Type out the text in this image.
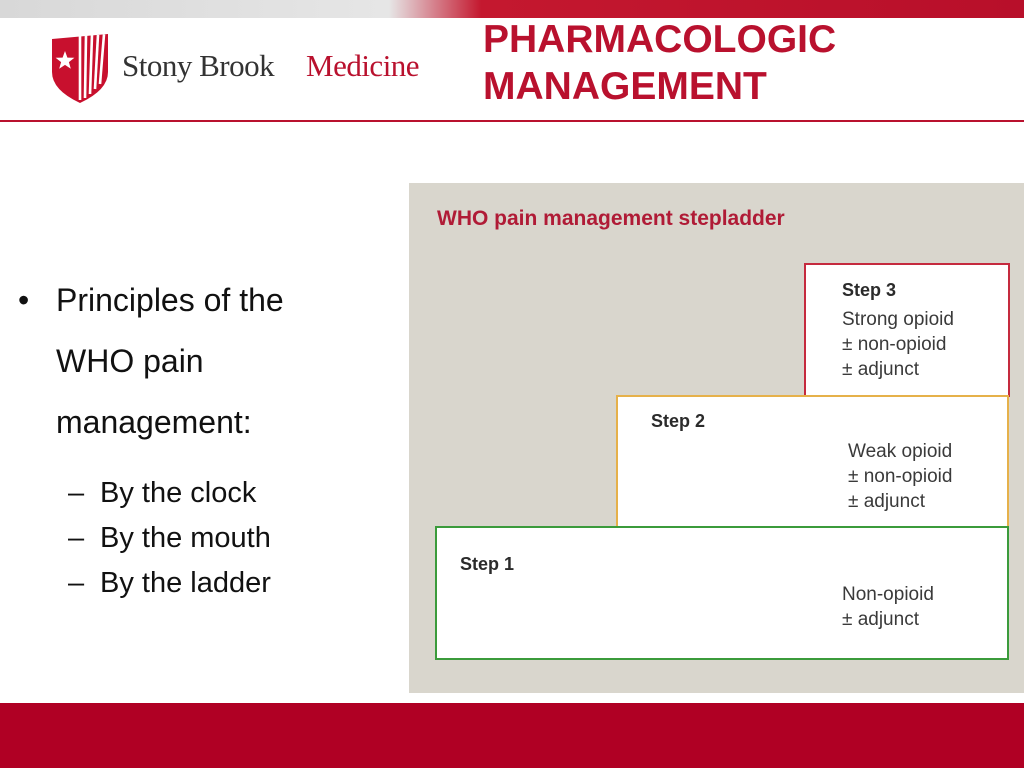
Stony Brook Medicine
PHARMACOLOGIC
MANAGEMENT
• Principles of the
WHO pain
management:
– By the clock
– By the mouth
– By the ladder
WHO pain management stepladder
Step 3
Strong opioid
± non-opioid
± adjunct
Step 2
Weak opioid
± non-opioid
± adjunct
Step 1
Non-opioid
± adjunct
